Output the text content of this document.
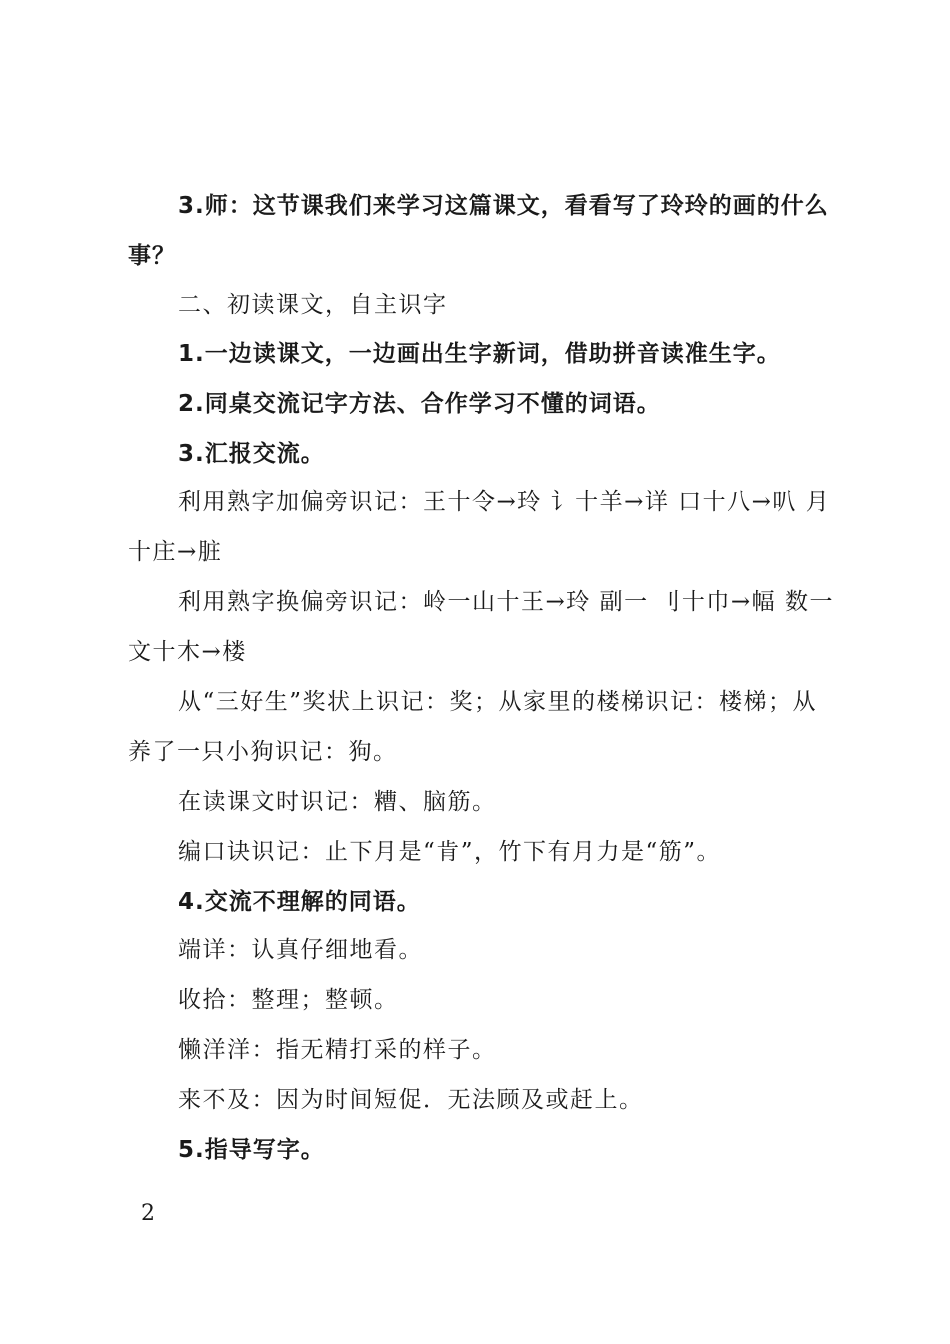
3.师：这节课我们来学习这篇课文，看看写了玲玲的画的什么事？

二、初读课文，自主识字

1.一边读课文，一边画出生字新词，借助拼音读准生字。

2.同桌交流记字方法、合作学习不懂的词语。

3.汇报交流。

利用熟字加偏旁识记：王十令→玲 讠十羊→详 口十八→叭 月十庄→脏

利用熟字换偏旁识记：岭一山十王→玲 副一 刂十巾→幅 数一文十木→楼

从“三好生”奖状上识记：奖；从家里的楼梯识记：楼梯；从养了一只小狗识记：狗。

在读课文时识记：糟、脑筋。

编口诀识记：止下月是“肯”，竹下有月力是“筋”。

4.交流不理解的同语。

端详：认真仔细地看。

收拾：整理；整顿。

懒洋洋：指无精打采的样子。

来不及：因为时间短促．无法顾及或赶上。

5.指导写字。

2
